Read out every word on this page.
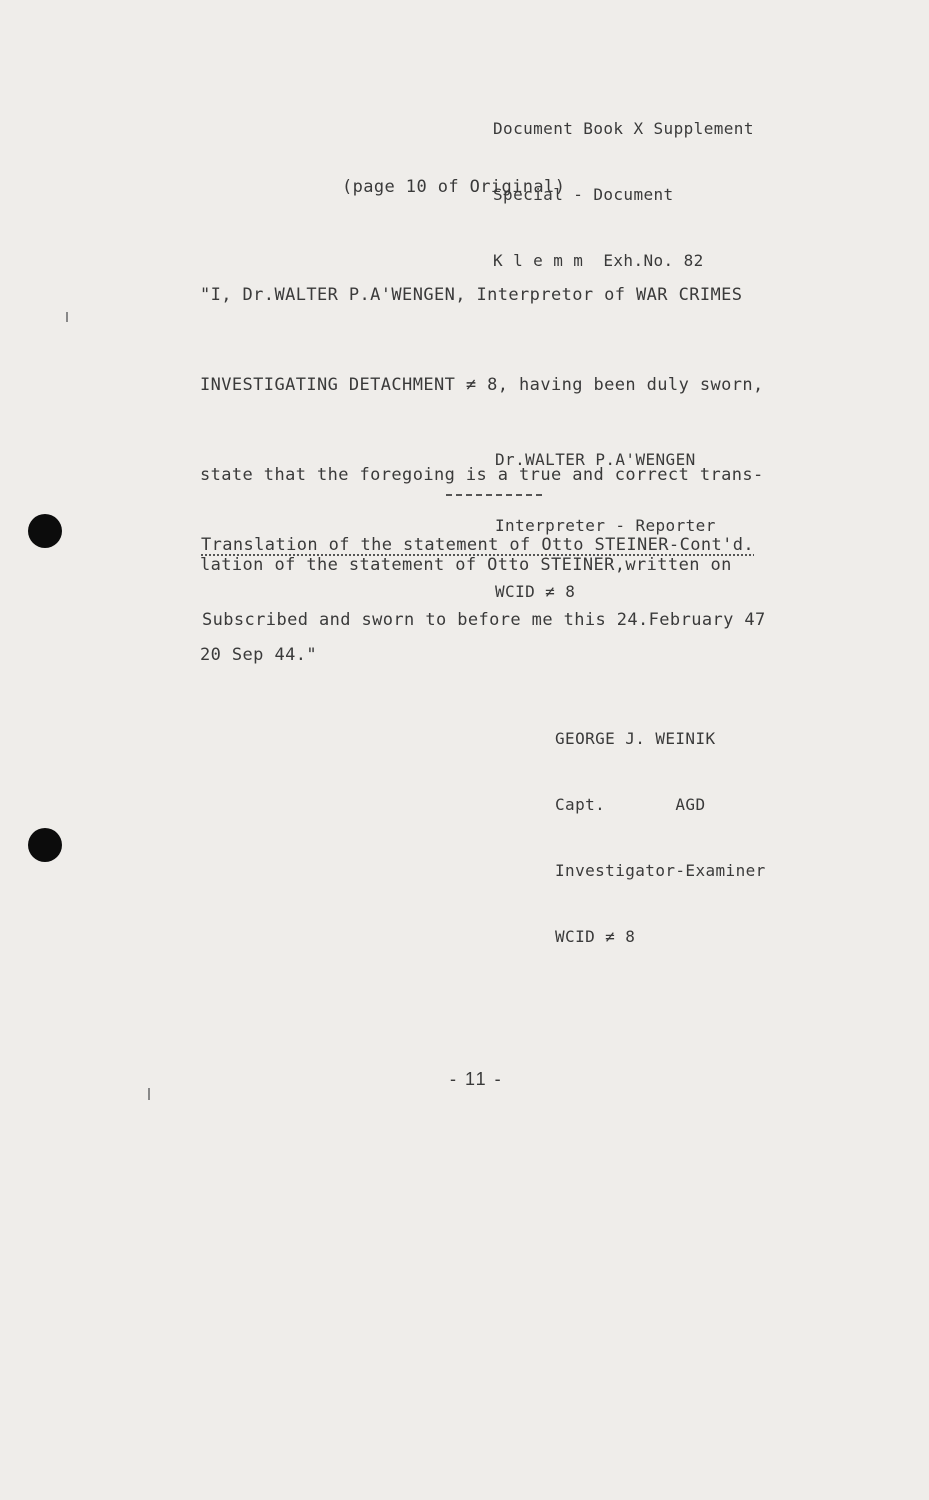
Document Book X Supplement

Special - Document

K l e m m  Exh.No. 82

(page 10 of Original)

"I, Dr.WALTER P.A'WENGEN, Interpretor of WAR CRIMES

INVESTIGATING DETACHMENT ≠ 8, having been duly sworn,

state that the foregoing is a true and correct trans-

lation of the statement of Otto STEINER,written on

20 Sep 44."

Dr.WALTER P.A'WENGEN

Interpreter - Reporter

WCID ≠ 8

Translation of the statement of Otto STEINER-Cont'd.
Subscribed and sworn to before me this 24.February 47

GEORGE J. WEINIK

Capt.       AGD

Investigator-Examiner

WCID ≠ 8

- 11 -
